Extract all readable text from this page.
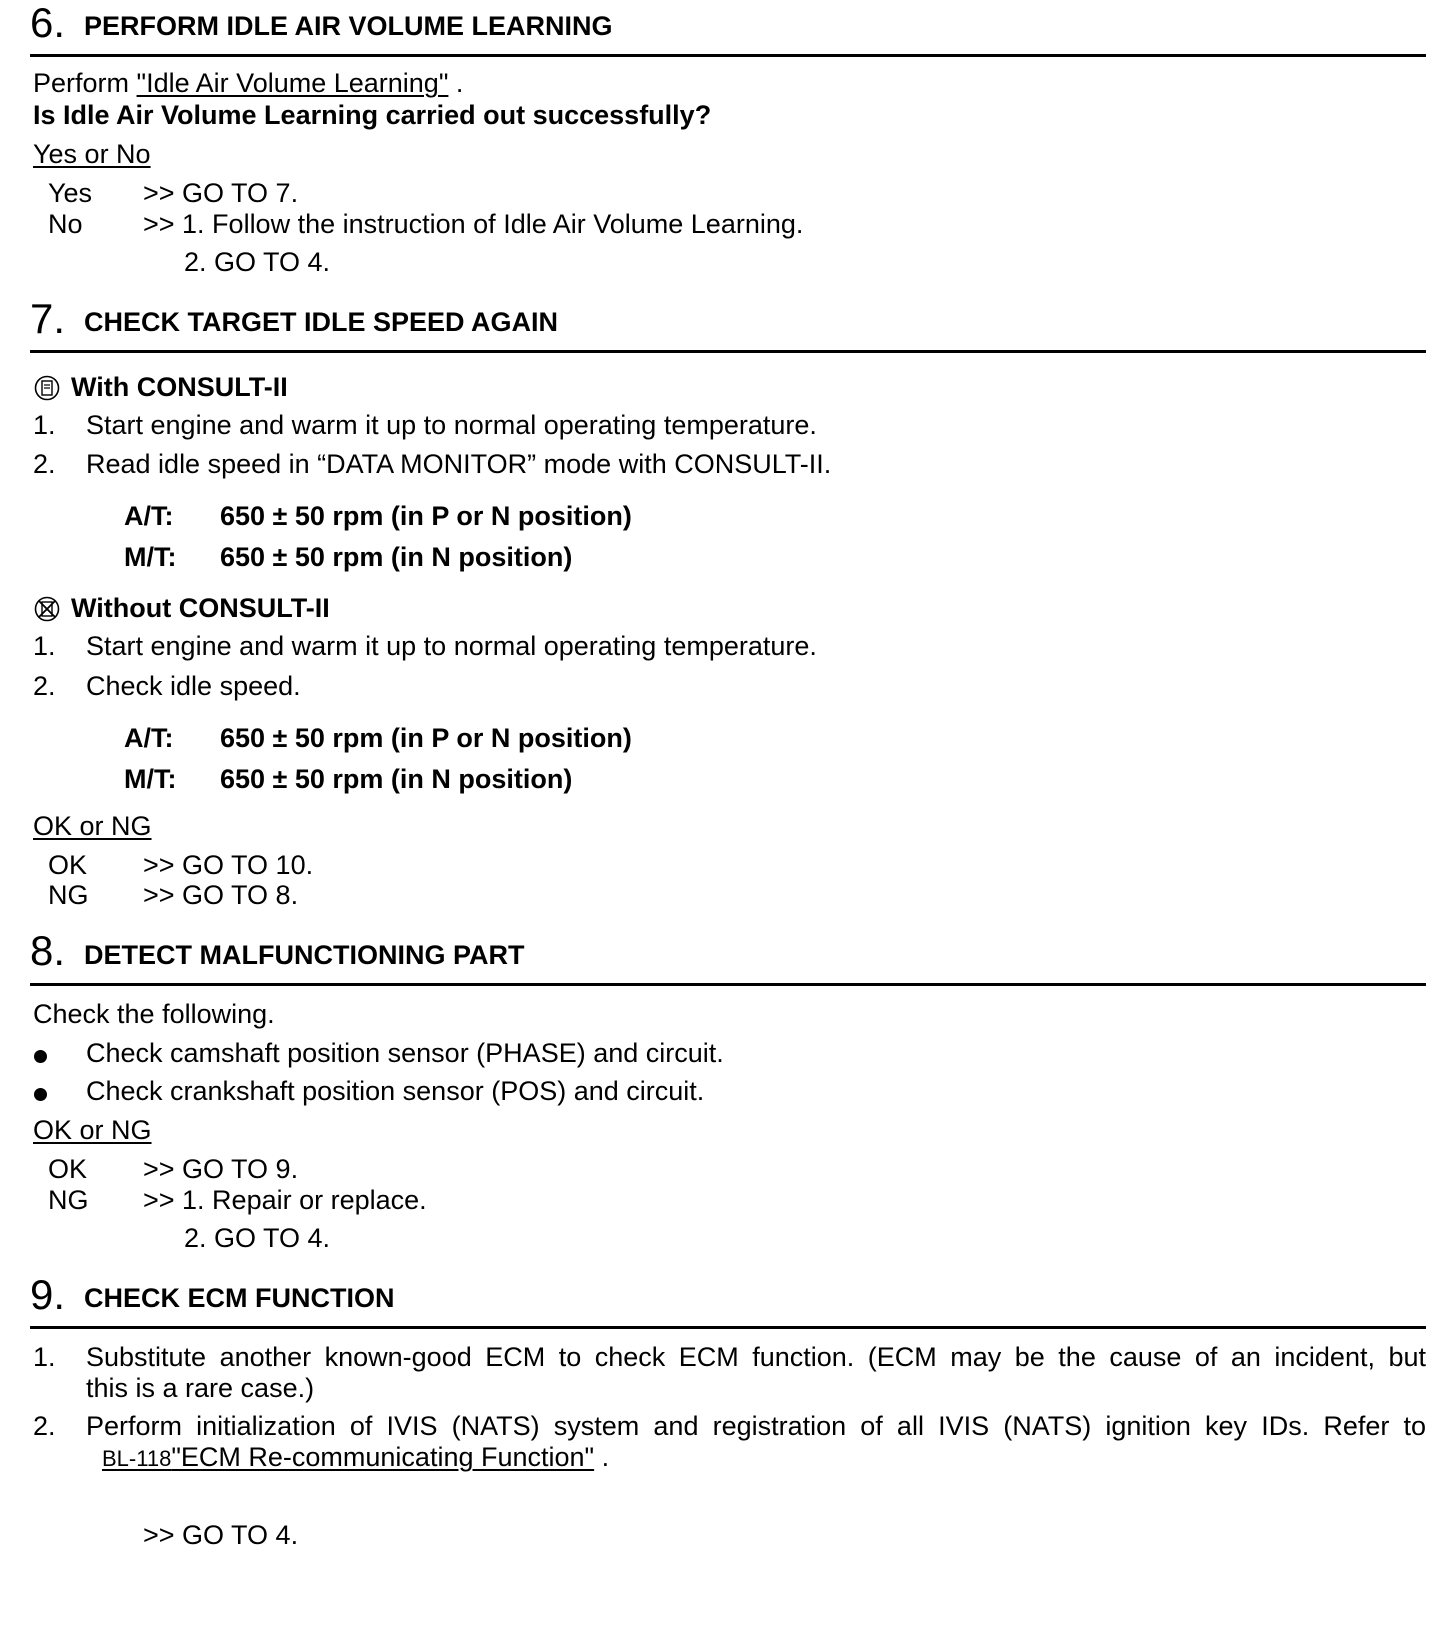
6. PERFORM IDLE AIR VOLUME LEARNING
Perform "Idle Air Volume Learning" .
Is Idle Air Volume Learning carried out successfully?
Yes or No
Yes >> GO TO 7.
No >> 1. Follow the instruction of Idle Air Volume Learning.
2. GO TO 4.
7. CHECK TARGET IDLE SPEED AGAIN
With CONSULT-II
1. Start engine and warm it up to normal operating temperature.
2. Read idle speed in “DATA MONITOR” mode with CONSULT-II.
A/T: 650 ± 50 rpm (in P or N position)
M/T: 650 ± 50 rpm (in N position)
Without CONSULT-II
1. Start engine and warm it up to normal operating temperature.
2. Check idle speed.
A/T: 650 ± 50 rpm (in P or N position)
M/T: 650 ± 50 rpm (in N position)
OK or NG
OK >> GO TO 10.
NG >> GO TO 8.
8. DETECT MALFUNCTIONING PART
Check the following.
Check camshaft position sensor (PHASE) and circuit.
Check crankshaft position sensor (POS) and circuit.
OK or NG
OK >> GO TO 9.
NG >> 1. Repair or replace.
2. GO TO 4.
9. CHECK ECM FUNCTION
1. Substitute another known-good ECM to check ECM function. (ECM may be the cause of an incident, but
this is a rare case.)
2. Perform initialization of IVIS (NATS) system and registration of all IVIS (NATS) ignition key IDs. Refer to
BL-118"ECM Re-communicating Function" .
>> GO TO 4.
